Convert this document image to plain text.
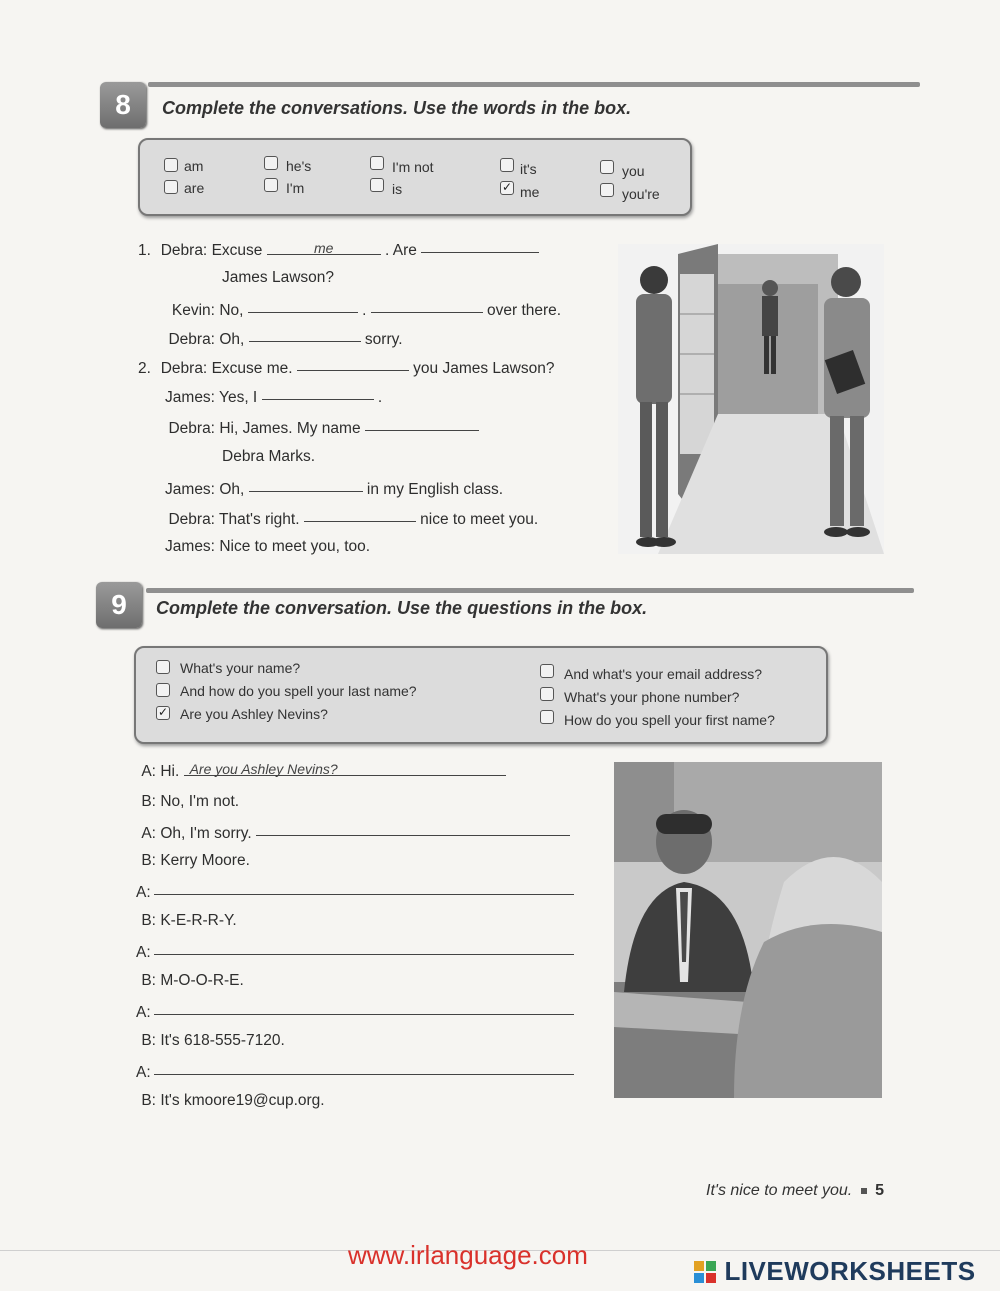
8	Complete the conversations. Use the words in the box.
am
are
he's
I'm
I'm not
is
it's
✓ me
you
you're
1. Debra: Excuse	me	. Are
James Lawson?
Kevin: No,	.	over there.
Debra: Oh,	sorry.
2. Debra: Excuse me.	you James Lawson?
James: Yes, I	.
Debra: Hi, James. My name
Debra Marks.
James: Oh,	in my English class.
Debra: That's right.	nice to meet you.
James: Nice to meet you, too.
9	Complete the conversation. Use the questions in the box.
What's your name?
And how do you spell your last name?
✓ Are you Ashley Nevins?
And what's your email address?
What's your phone number?
How do you spell your first name?
A: Hi. Are you Ashley Nevins?
B: No, I'm not.
A: Oh, I'm sorry.
B: Kerry Moore.
A:
B: K-E-R-R-Y.
A:
B: M-O-O-R-E.
A:
B: It's 618-555-7120.
A:
B: It's kmoore19@cup.org.
It's nice to meet you. 5
www.irlanguage.com
LIVEWORKSHEETS
